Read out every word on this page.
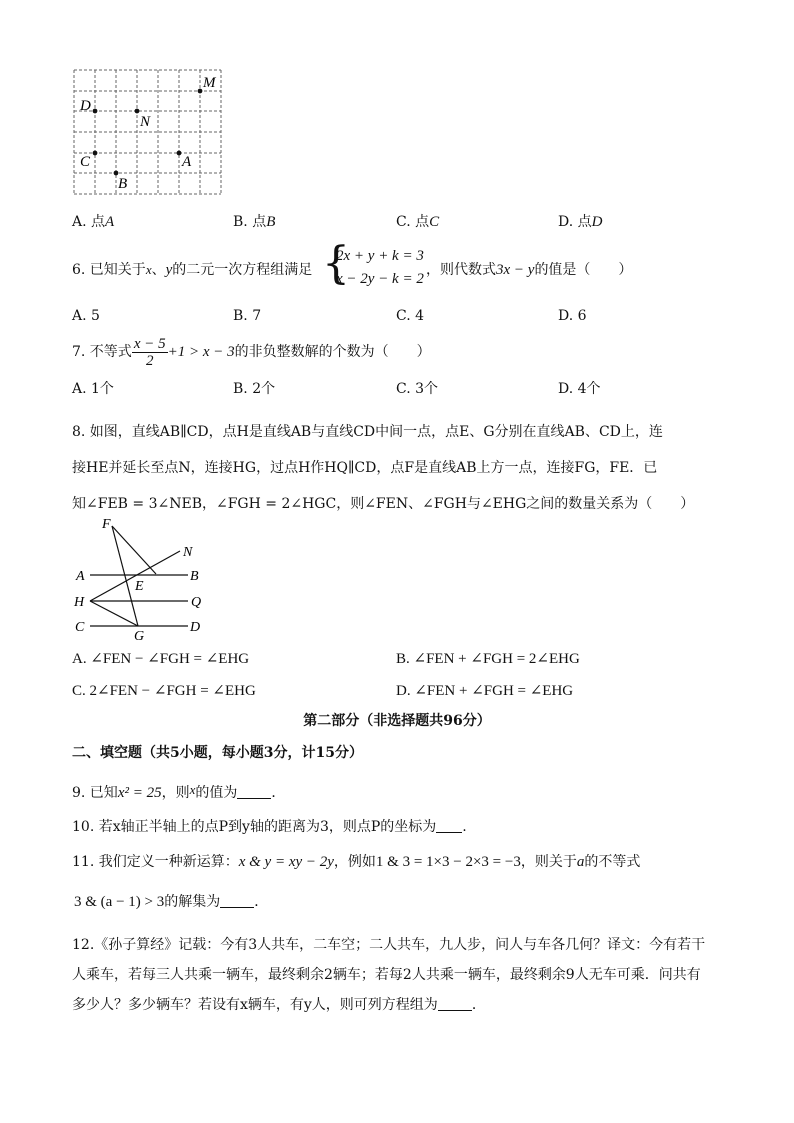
M
D
N
C	A
B
A. 点A	B. 点B	C. 点C	D. 点D
6. 已知关于 x 、 y 的二元一次方程组满足 {
2x + y + k = 3
x − 2y − k = 2
，则代数式3x − y的值是（　　）
A. 5	B. 7	C. 4	D. 6
7. 不等式 $\frac{x - 5}{2} +1 > x - 3$ 的非负整数解的个数为（　　）
A. 1个	B. 2个	C. 3个	D. 4个
8. 如图，直线AB∥CD，点H是直线AB与直线CD中间一点，点E、G分别在直线AB、CD上，连
接HE并延长至点N，连接HG，过点H作HQ∥CD，点F是直线AB上方一点，连接FG，FE．已
知∠FEB = 3∠NEB，∠FGH = 2∠HGC，则∠FEN、∠FGH与∠EHG之间的数量关系为（　　）
F
N
A
E
B
H	Q
C
G
D
A. ∠FEN − ∠FGH = ∠EHG	B. ∠FEN + ∠FGH = 2∠EHG
C. 2∠FEN − ∠FGH = ∠EHG	D. ∠FEN + ∠FGH = ∠EHG
第二部分（非选择题共96分）
二、填空题（共5小题，每小题3分，计15分）
9. 已知x² = 25，则x的值为 ．
10. 若x轴正半轴上的点P到y轴的距离为3，则点P的坐标为 .
11. 我们定义一种新运算：x & y = xy − 2y，例如1 & 3 = 1×3 − 2×3 = −3，则关于a的不等式
3 & (a − 1) > 3的解集为 ．
12.《孙子算经》记载：今有3人共车，二车空；二人共车，九人步，问人与车各几何？译文：今有若干
人乘车，若每三人共乘一辆车，最终剩余2辆车；若每2人共乘一辆车，最终剩余9人无车可乘．问共有
多少人？多少辆车？若设有x辆车，有y人，则可列方程组为 ．
